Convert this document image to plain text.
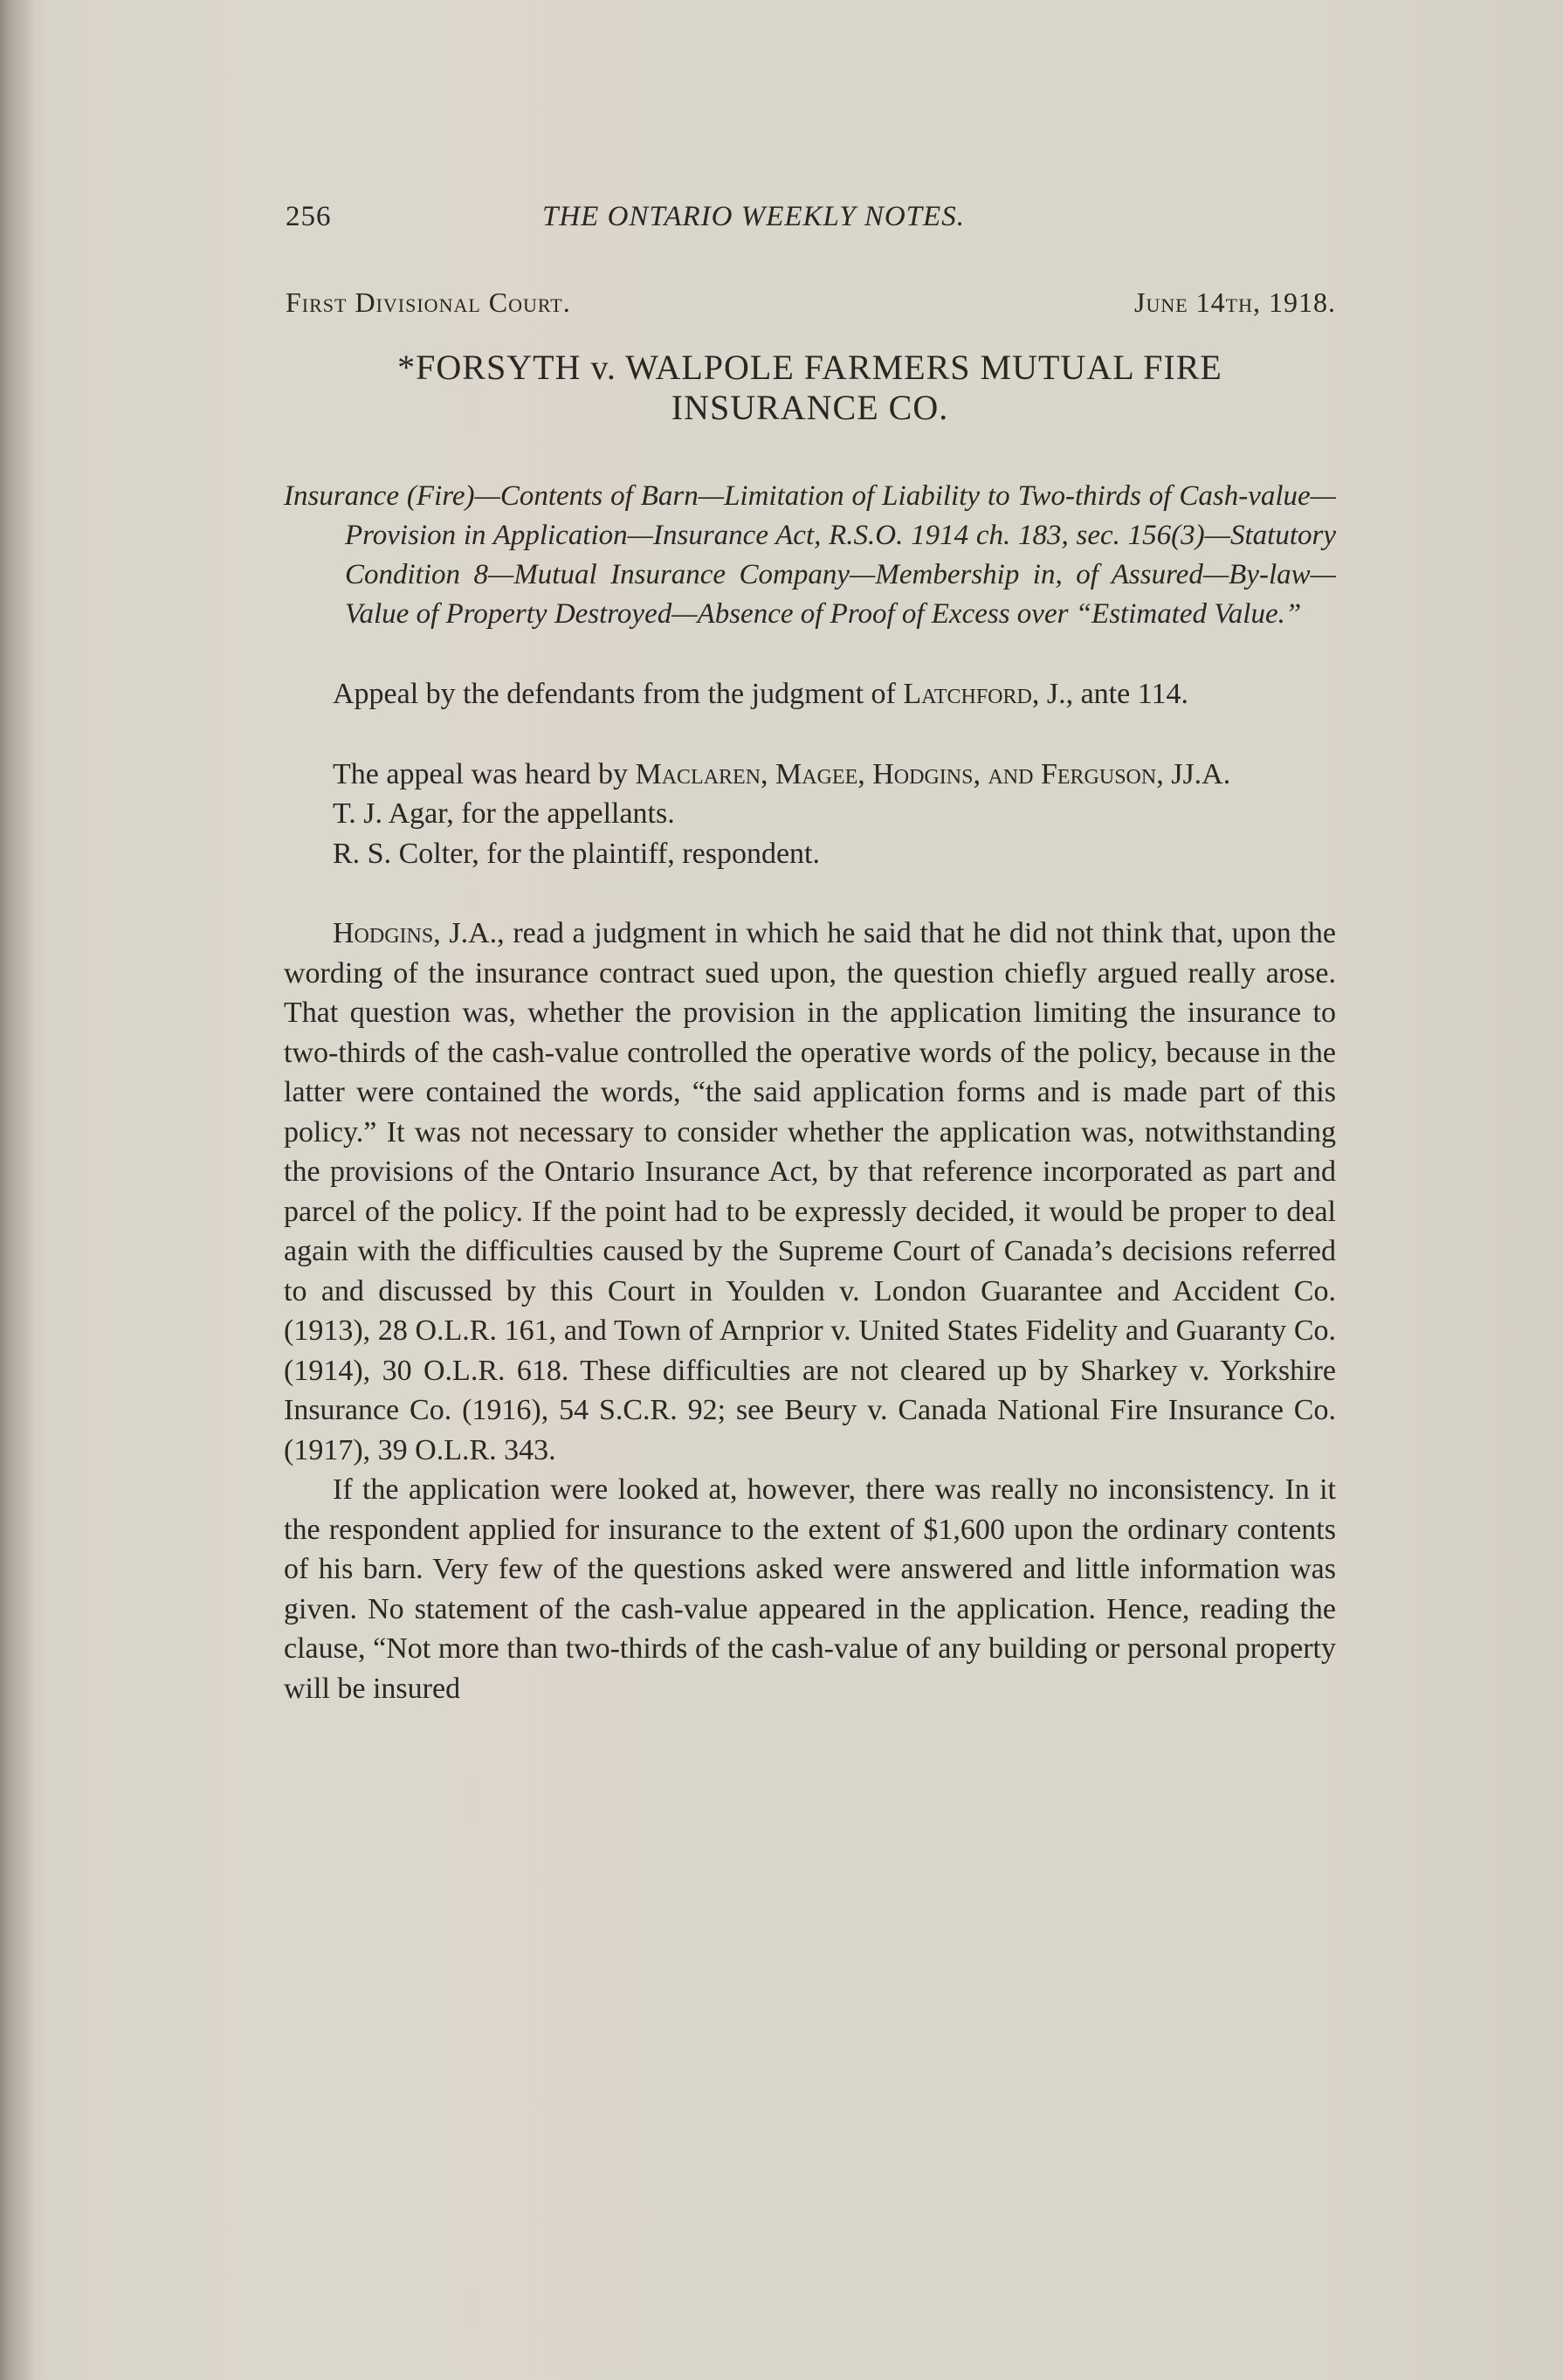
256	THE ONTARIO WEEKLY NOTES.
First Divisional Court.	June 14th, 1918.
*FORSYTH v. WALPOLE FARMERS MUTUAL FIRE INSURANCE CO.
Insurance (Fire)—Contents of Barn—Limitation of Liability to Two-thirds of Cash-value—Provision in Application—Insurance Act, R.S.O. 1914 ch. 183, sec. 156(3)—Statutory Condition 8—Mutual Insurance Company—Membership in, of Assured—By-law—Value of Property Destroyed—Absence of Proof of Excess over “Estimated Value.”

Appeal by the defendants from the judgment of Latchford, J., ante 114.

The appeal was heard by Maclaren, Magee, Hodgins, and Ferguson, JJ.A.

T. J. Agar, for the appellants.

R. S. Colter, for the plaintiff, respondent.

Hodgins, J.A., read a judgment in which he said that he did not think that, upon the wording of the insurance contract sued upon, the question chiefly argued really arose. That question was, whether the provision in the application limiting the insurance to two-thirds of the cash-value controlled the operative words of the policy, because in the latter were contained the words, “the said application forms and is made part of this policy.” It was not necessary to consider whether the application was, notwithstanding the provisions of the Ontario Insurance Act, by that reference incorporated as part and parcel of the policy. If the point had to be expressly decided, it would be proper to deal again with the difficulties caused by the Supreme Court of Canada’s decisions referred to and discussed by this Court in Youlden v. London Guarantee and Accident Co. (1913), 28 O.L.R. 161, and Town of Arnprior v. United States Fidelity and Guaranty Co. (1914), 30 O.L.R. 618. These difficulties are not cleared up by Sharkey v. Yorkshire Insurance Co. (1916), 54 S.C.R. 92; see Beury v. Canada National Fire Insurance Co. (1917), 39 O.L.R. 343.

If the application were looked at, however, there was really no inconsistency. In it the respondent applied for insurance to the extent of $1,600 upon the ordinary contents of his barn. Very few of the questions asked were answered and little information was given. No statement of the cash-value appeared in the application. Hence, reading the clause, “Not more than two-thirds of the cash-value of any building or personal property will be insured
